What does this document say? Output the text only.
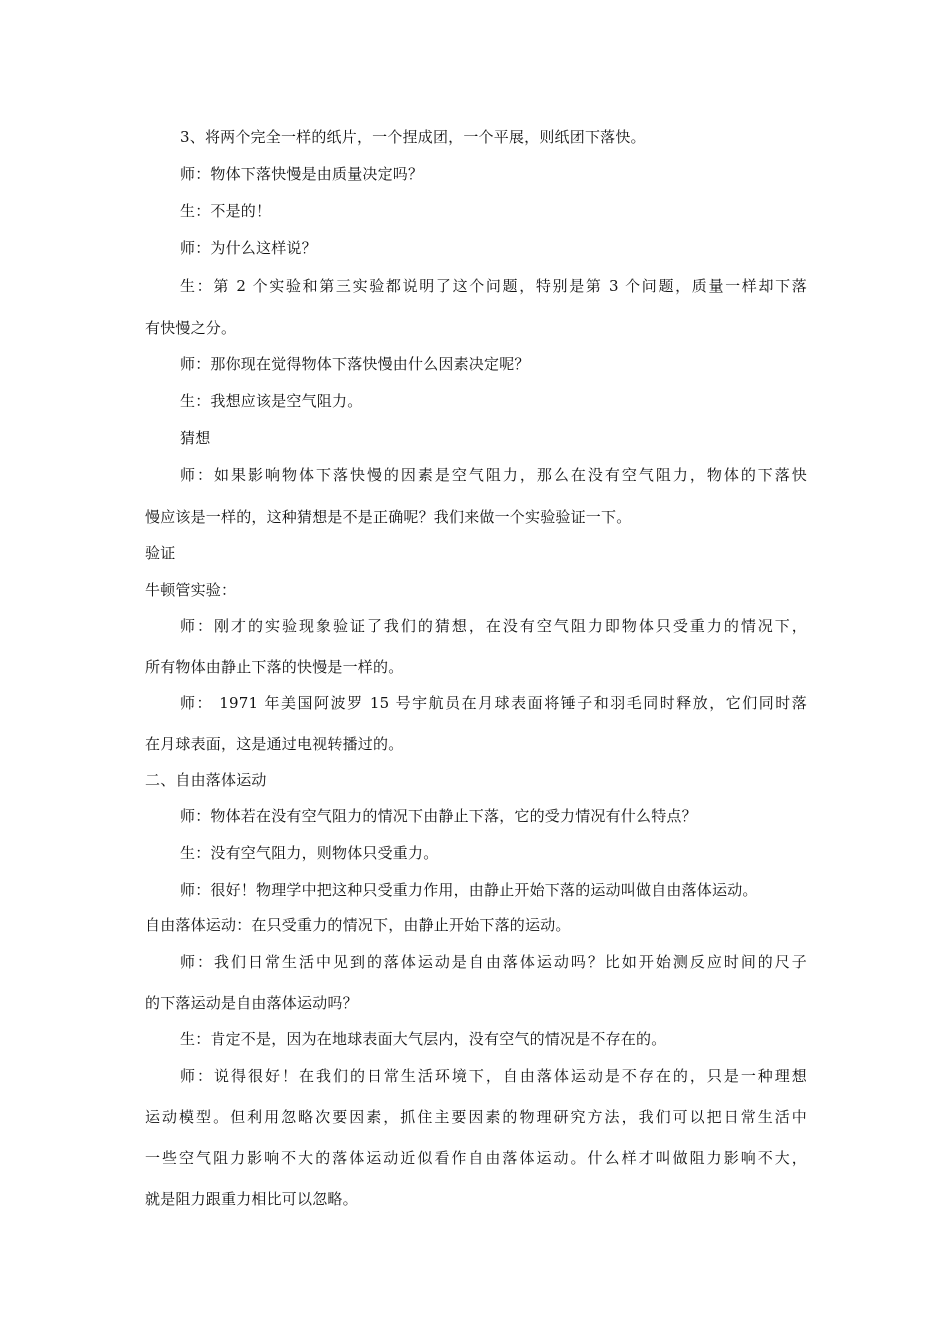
3、将两个完全一样的纸片，一个捏成团，一个平展，则纸团下落快。
师：物体下落快慢是由质量决定吗？
生：不是的！
师：为什么这样说？
生：第 2 个实验和第三实验都说明了这个问题，特别是第 3 个问题，质量一样却下落
有快慢之分。
师：那你现在觉得物体下落快慢由什么因素决定呢？
生：我想应该是空气阻力。
猜想
师：如果影响物体下落快慢的因素是空气阻力，那么在没有空气阻力，物体的下落快
慢应该是一样的，这种猜想是不是正确呢？我们来做一个实验验证一下。
验证
牛顿管实验：
师：刚才的实验现象验证了我们的猜想，在没有空气阻力即物体只受重力的情况下，
所有物体由静止下落的快慢是一样的。
师： 1971 年美国阿波罗 15 号宇航员在月球表面将锤子和羽毛同时释放，它们同时落
在月球表面，这是通过电视转播过的。
二、自由落体运动
师：物体若在没有空气阻力的情况下由静止下落，它的受力情况有什么特点？
生：没有空气阻力，则物体只受重力。
师：很好！物理学中把这种只受重力作用，由静止开始下落的运动叫做自由落体运动。
自由落体运动：在只受重力的情况下，由静止开始下落的运动。
师：我们日常生活中见到的落体运动是自由落体运动吗？比如开始测反应时间的尺子
的下落运动是自由落体运动吗？
生：肯定不是，因为在地球表面大气层内，没有空气的情况是不存在的。
师：说得很好！在我们的日常生活环境下，自由落体运动是不存在的，只是一种理想
运动模型。但利用忽略次要因素，抓住主要因素的物理研究方法，我们可以把日常生活中
一些空气阻力影响不大的落体运动近似看作自由落体运动。什么样才叫做阻力影响不大，
就是阻力跟重力相比可以忽略。
